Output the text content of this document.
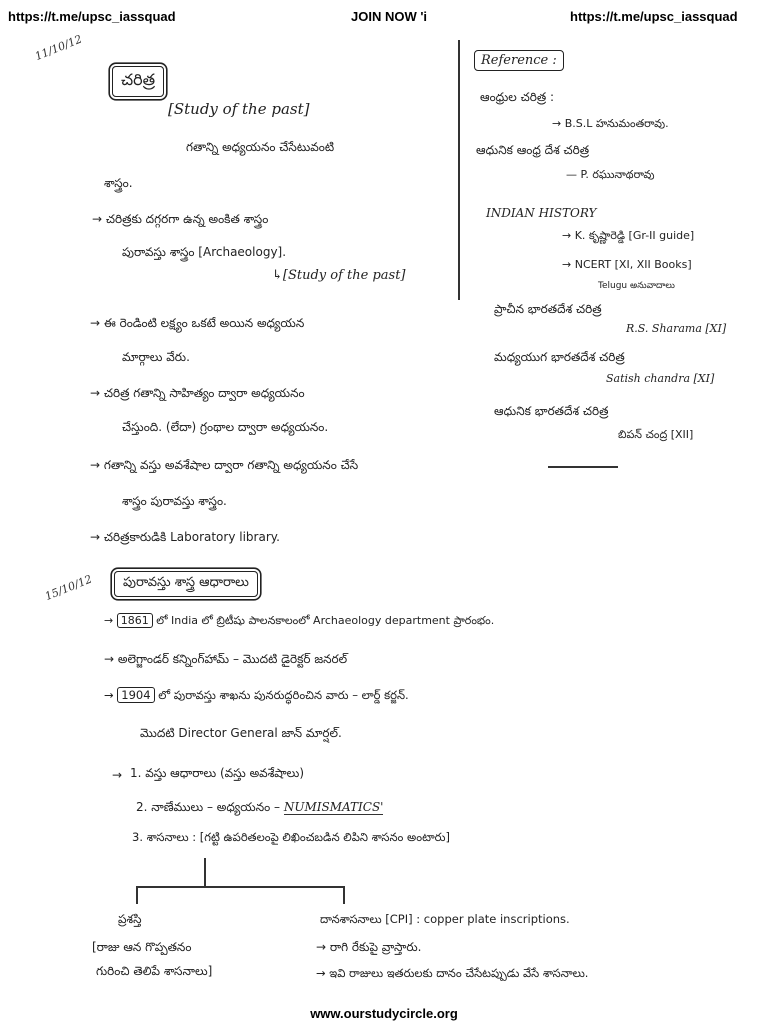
https://t.me/upsc_iassquad	JOIN NOW 'i	https://t.me/upsc_iassquad
11/10/12
చరిత్ర
[Study of the past]
గతాన్ని అధ్యయనం చేసేటువంటి
శాస్త్రం.
→ చరిత్రకు దగ్గరగా ఉన్న అంకిత శాస్త్రం
పురావస్తు శాస్త్రం [Archaeology].
↳[Study of the past]
→ ఈ రెండింటి లక్ష్యం ఒకటే అయిన అధ్యయన
మార్గాలు వేరు.
→ చరిత్ర గతాన్ని సాహిత్యం ద్వారా అధ్యయనం
చేస్తుంది. (లేదా) గ్రంథాల ద్వారా అధ్యయనం.
→ గతాన్ని వస్తు అవశేషాల ద్వారా గతాన్ని అధ్యయనం చేసే
శాస్త్రం పురావస్తు శాస్త్రం.
→ చరిత్రకారుడికి Laboratory library.
Reference :
ఆంధ్రుల చరిత్ర :
→ B.S.L హనుమంతరావు.
ఆధునిక ఆంధ్ర దేశ చరిత్ర
— P. రఘునాథరావు
INDIAN HISTORY
→ K. కృష్ణారెడ్డి [Gr-II guide]
→ NCERT [XI, XII Books]
Telugu అనువాదాలు
ప్రాచీన భారతదేశ చరిత్ర
R.S. Sharama [XI]
మధ్యయుగ భారతదేశ చరిత్ర
Satish chandra [XI]
ఆధునిక భారతదేశ చరిత్ర
బిపన్ చంద్ర [XII]
15/10/12	పురావస్తు శాస్త్ర ఆధారాలు
→ 1861 లో India లో బ్రిటీషు పాలనకాలంలో Archaeology department ప్రారంభం.
→ అలెగ్జాండర్ కన్నింగ్‌హామ్ – మొదటి డైరెక్టర్ జనరల్
→ 1904 లో పురావస్తు శాఖను పునరుద్ధరించిన వారు – లార్డ్ కర్జన్.
మొదటి Director General జాన్ మార్షల్.
→ 1. వస్తు ఆధారాలు (వస్తు అవశేషాలు)
2. నాణేములు – అధ్యయనం – NUMISMATICS'
3. శాసనాలు : [గట్టి ఉపరితలంపై లిఖించబడిన లిపిని శాసనం అంటారు]
ప్రశస్తి
[రాజు ఆన గొప్పతనం
గురించి తెలిపే శాసనాలు]
దానశాసనాలు [CPI] : copper plate inscriptions.
→ రాగి రేకుపై వ్రాస్తారు.
→ ఇవి రాజులు ఇతరులకు దానం చేసేటప్పుడు వేసే శాసనాలు.
www.ourstudycircle.org
